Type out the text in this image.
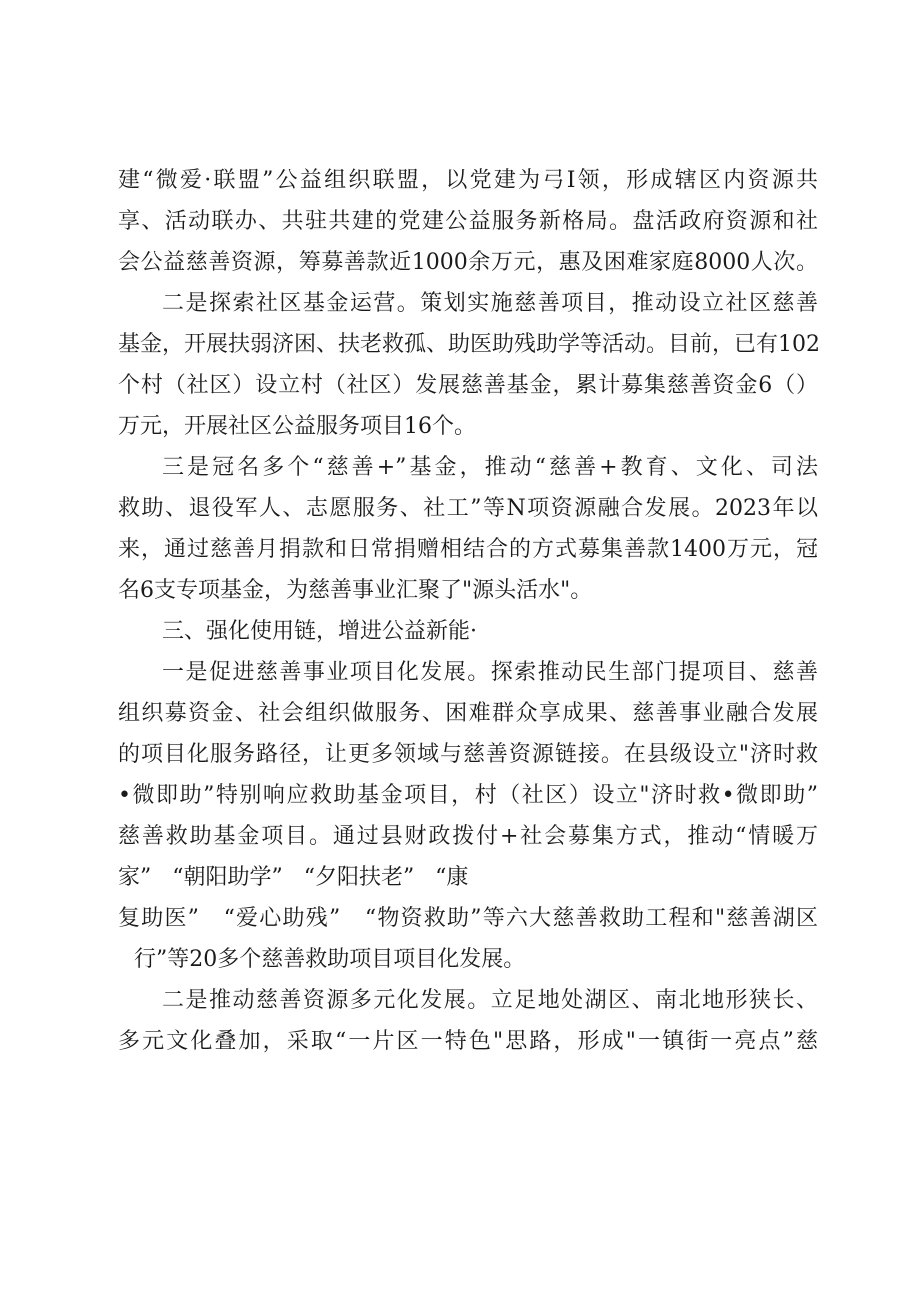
建“微爱·联盟”公益组织联盟，以党建为弓I领，形成辖区内资源共
享、活动联办、共驻共建的党建公益服务新格局。盘活政府资源和社
会公益慈善资源，筹募善款近1000余万元，惠及困难家庭8000人次。
二是探索社区基金运营。策划实施慈善项目，推动设立社区慈善
基金，开展扶弱济困、扶老救孤、助医助残助学等活动。目前，已有102
个村（社区）设立村（社区）发展慈善基金，累计募集慈善资金6（）
万元，开展社区公益服务项目16个。
三是冠名多个“慈善+”基金，推动“慈善+教育、文化、司法
救助、退役军人、志愿服务、社工”等N项资源融合发展。2023年以
来，通过慈善月捐款和日常捐赠相结合的方式募集善款1400万元，冠
名6支专项基金，为慈善事业汇聚了"源头活水"。
三、强化使用链，增进公益新能·
一是促进慈善事业项目化发展。探索推动民生部门提项目、慈善
组织募资金、社会组织做服务、困难群众享成果、慈善事业融合发展
的项目化服务路径，让更多领域与慈善资源链接。在县级设立"济时救
•微即助”特别响应救助基金项目，村（社区）设立"济时救•微即助”
慈善救助基金项目。通过县财政拨付+社会募集方式，推动“情暖万
家”   “朝阳助学”   “夕阳扶老”   “康
复助医”   “爱心助残”   “物资救助”等六大慈善救助工程和"慈善湖区
行”等20多个慈善救助项目项目化发展。
二是推动慈善资源多元化发展。立足地处湖区、南北地形狭长、
多元文化叠加，采取“一片区一特色"思路，形成"一镇街一亮点”慈
